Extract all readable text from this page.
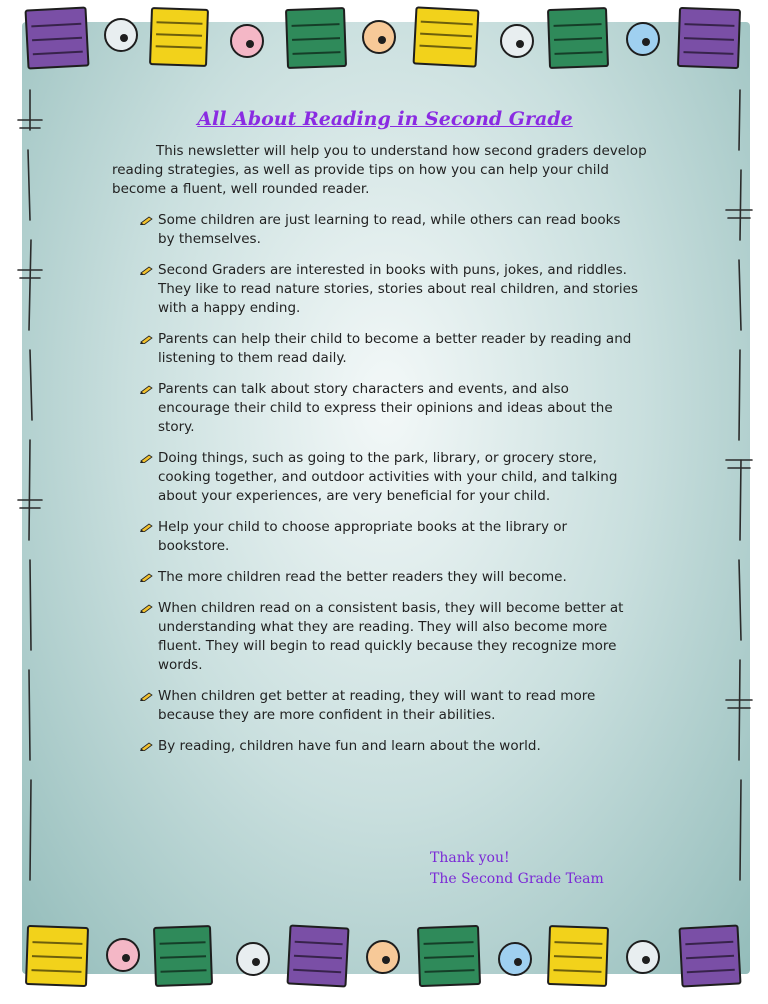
All About Reading in Second Grade

This newsletter will help you to understand how second graders develop reading strategies, as well as provide tips on how you can help your child become a fluent, well rounded reader.

Some children are just learning to read, while others can read books by themselves.
Second Graders are interested in books with puns, jokes, and riddles. They like to read nature stories, stories about real children, and stories with a happy ending.
Parents can help their child to become a better reader by reading and listening to them read daily.
Parents can talk about story characters and events, and also encourage their child to express their opinions and ideas about the story.
Doing things, such as going to the park, library, or grocery store, cooking together, and outdoor activities with your child, and talking about your experiences, are very beneficial for your child.
Help your child to choose appropriate books at the library or bookstore.
The more children read the better readers they will become.
When children read on a consistent basis, they will become better at understanding what they are reading. They will also become more fluent. They will begin to read quickly because they recognize more words.
When children get better at reading, they will want to read more because they are more confident in their abilities.
By reading, children have fun and learn about the world.
Thank you!
The Second Grade Team
